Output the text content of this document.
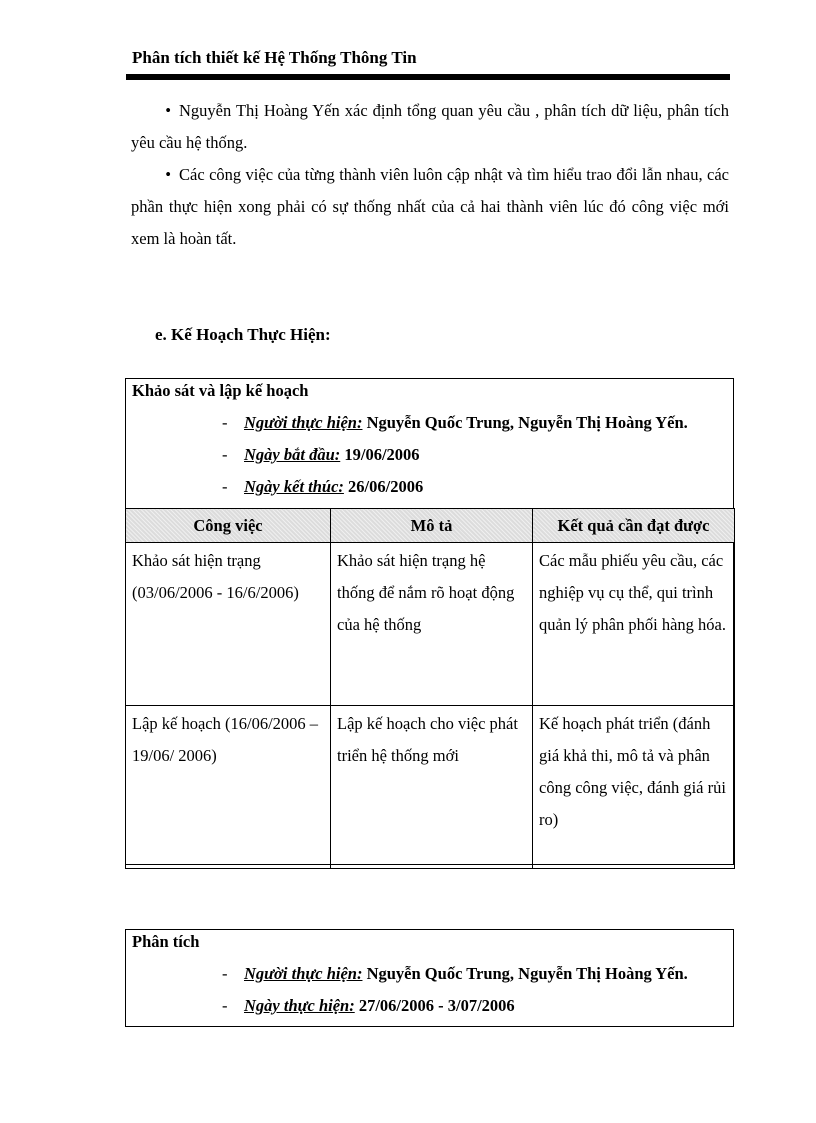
Phân tích thiết kế Hệ Thống Thông Tin
• Nguyễn Thị Hoàng Yến xác định tổng quan yêu cầu , phân tích dữ liệu, phân tích yêu cầu hệ thống.
• Các công việc của từng thành viên luôn cập nhật và tìm hiểu trao đổi lẫn nhau, các phần thực hiện xong phải có sự thống nhất của cả hai thành viên lúc đó công việc mới xem là hoàn tất.
e. Kế Hoạch Thực Hiện:
Khảo sát và lập kế hoạch
- Người thực hiện: Nguyễn Quốc Trung, Nguyễn Thị Hoàng Yến.
- Ngày bắt đầu: 19/06/2006
- Ngày kết thúc: 26/06/2006
Công việc	Mô tả	Kết quả cần đạt được
Khảo sát hiện trạng (03/06/2006 - 16/6/2006)	Khảo sát hiện trạng hệ thống để nắm rõ hoạt động của hệ thống	Các mẫu phiếu yêu cầu, các nghiệp vụ cụ thể, qui trình quản lý phân phối hàng hóa.
Lập kế hoạch (16/06/2006 – 19/06/ 2006)	Lập kế hoạch cho việc phát triển hệ thống mới	Kế hoạch phát triển (đánh giá khả thi, mô tả và phân công công việc, đánh giá rủi ro)
Phân tích
- Người thực hiện: Nguyễn Quốc Trung, Nguyễn Thị Hoàng Yến.
- Ngày thực hiện: 27/06/2006 - 3/07/2006
